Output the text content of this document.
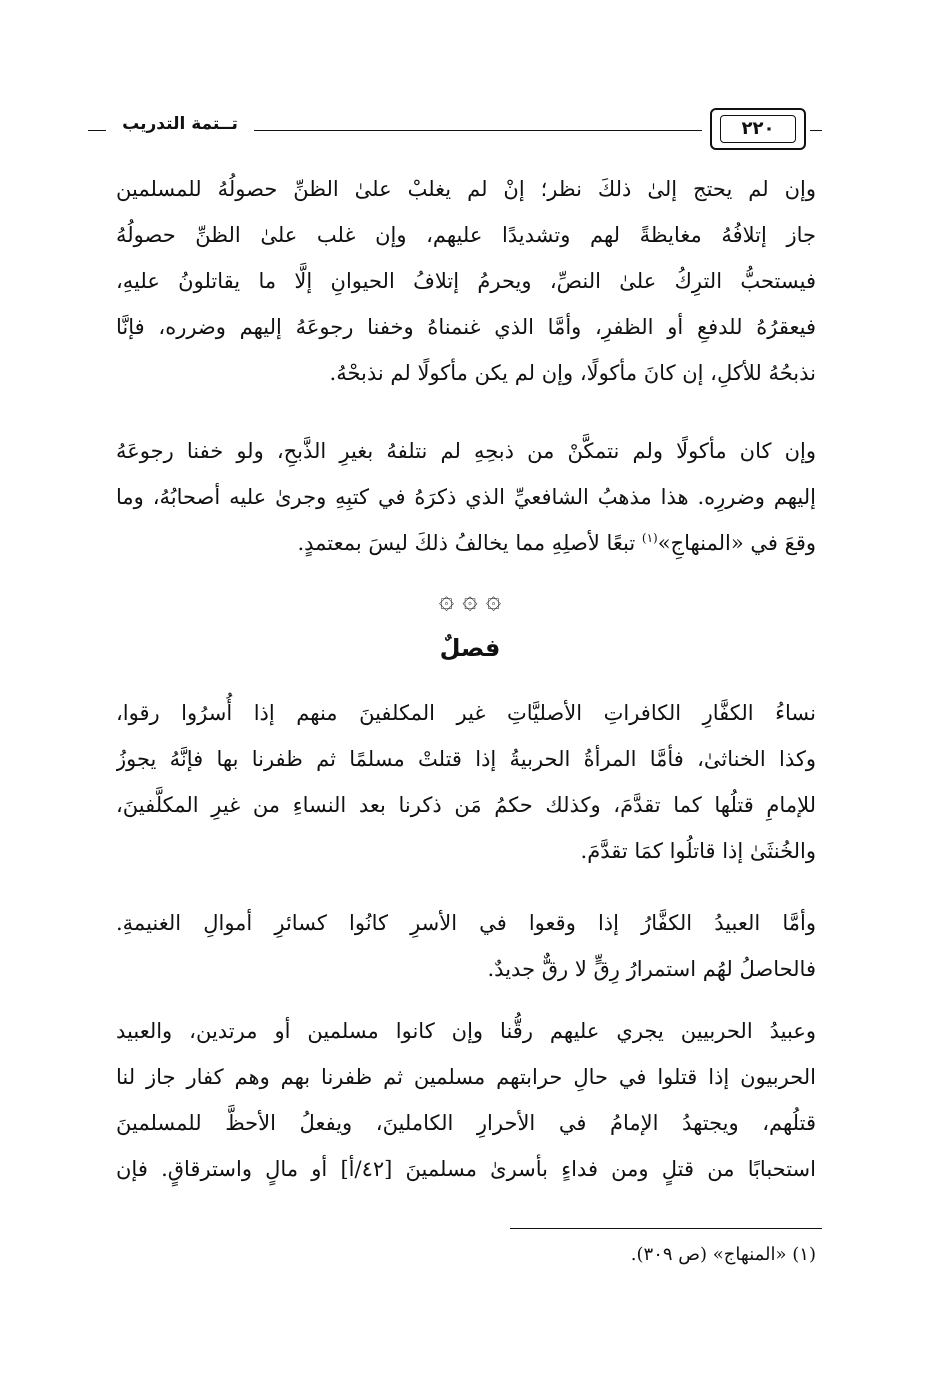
تــتمة التدريب	٢٢٠
وإن لم يحتج إلىٰ ذلكَ نظر؛ إنْ لم يغلبْ علىٰ الظنِّ حصولُهُ للمسلمين
جاز إتلافُهُ مغايظةً لهم وتشديدًا عليهم، وإن غلب علىٰ الظنِّ حصولُهُ
فيستحبُّ الترِكُ علىٰ النصِّ، ويحرمُ إتلافُ الحيوانِ إلَّا ما يقاتلونُ عليهِ،
فيعقرُهُ للدفعِ أو الظفرِ، وأمَّا الذي غنمناهُ وخفنا رجوعَهُ إليهم وضرره، فإنَّا
نذبحُهُ للأكلِ، إن كانَ مأكولًا، وإن لم يكن مأكولًا لم نذبحْهُ.
وإن كان مأكولًا ولم نتمكَّنْ من ذبحِهِ لم نتلفهُ بغيرِ الذَّبحِ، ولو خفنا رجوعَهُ
إليهم وضررِه. هذا مذهبُ الشافعيِّ الذي ذكرَهُ في كتبِهِ وجرىٰ عليه أصحابُهُ، وما
وقعَ في «المنهاجِ»$^{(١)}$ تبعًا لأصلِهِ مما يخالفُ ذلكَ ليسَ بمعتمدٍ.
۞ ۞ ۞
فصلٌ
نساءُ الكفَّارِ الكافراتِ الأصليَّاتِ غير المكلفينَ منهم إذا أُسرُوا رقوا،
وكذا الخناثىٰ، فأمَّا المرأةُ الحربيةُ إذا قتلتْ مسلمًا ثم ظفرنا بها فإنَّهُ يجوزُ
للإمامِ قتلُها كما تقدَّمَ، وكذلك حكمُ مَن ذكرنا بعد النساءِ من غيرِ المكلَّفينَ،
والخُنثَىٰ إذا قاتلُوا كمَا تقدَّمَ.
وأمَّا العبيدُ الكفَّارُ إذا وقعوا في الأسرِ كانُوا كسائرِ أموالِ الغنيمةِ.
فالحاصلُ لهُم استمرارُ رِقٍّ لا رقٌّ جديدٌ.
وعبيدُ الحربيين يجري عليهم رقُّنا وإن كانوا مسلمين أو مرتدين، والعبيد
الحربيون إذا قتلوا في حالِ حرابتهم مسلمين ثم ظفرنا بهم وهم كفار جاز لنا
قتلُهم، ويجتهدُ الإمامُ في الأحرارِ الكاملينَ، ويفعلُ الأحظَّ للمسلمينَ
استحبابًا من قتلٍ ومن فداءٍ بأسرىٰ مسلمينَ [٤٢/أ] أو مالٍ واسترقاقٍ. فإن
(١) «المنهاج» (ص ٣٠٩).
